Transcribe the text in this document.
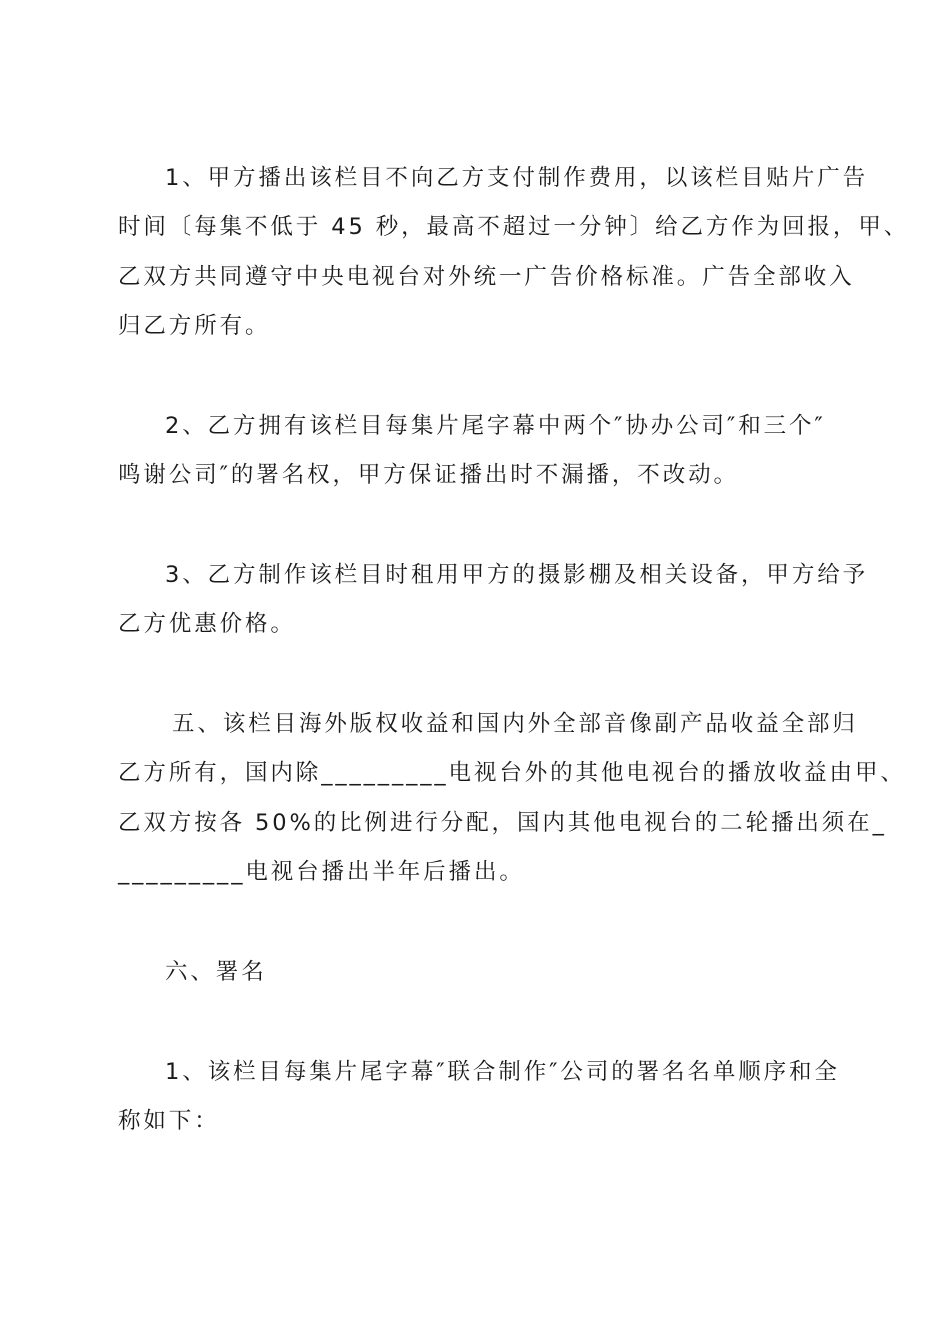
1、甲方播出该栏目不向乙方支付制作费用，以该栏目贴片广告
时间〔每集不低于 45 秒，最高不超过一分钟〕给乙方作为回报，甲、
乙双方共同遵守中央电视台对外统一广告价格标准。广告全部收入
归乙方所有。
2、乙方拥有该栏目每集片尾字幕中两个″协办公司″和三个″
鸣谢公司″的署名权，甲方保证播出时不漏播，不改动。
3、乙方制作该栏目时租用甲方的摄影棚及相关设备，甲方给予
乙方优惠价格。
五、该栏目海外版权收益和国内外全部音像副产品收益全部归
乙方所有，国内除_________电视台外的其他电视台的播放收益由甲、
乙双方按各 50%的比例进行分配，国内其他电视台的二轮播出须在_
_________电视台播出半年后播出。
六、署名
1、该栏目每集片尾字幕″联合制作″公司的署名名单顺序和全
称如下：
